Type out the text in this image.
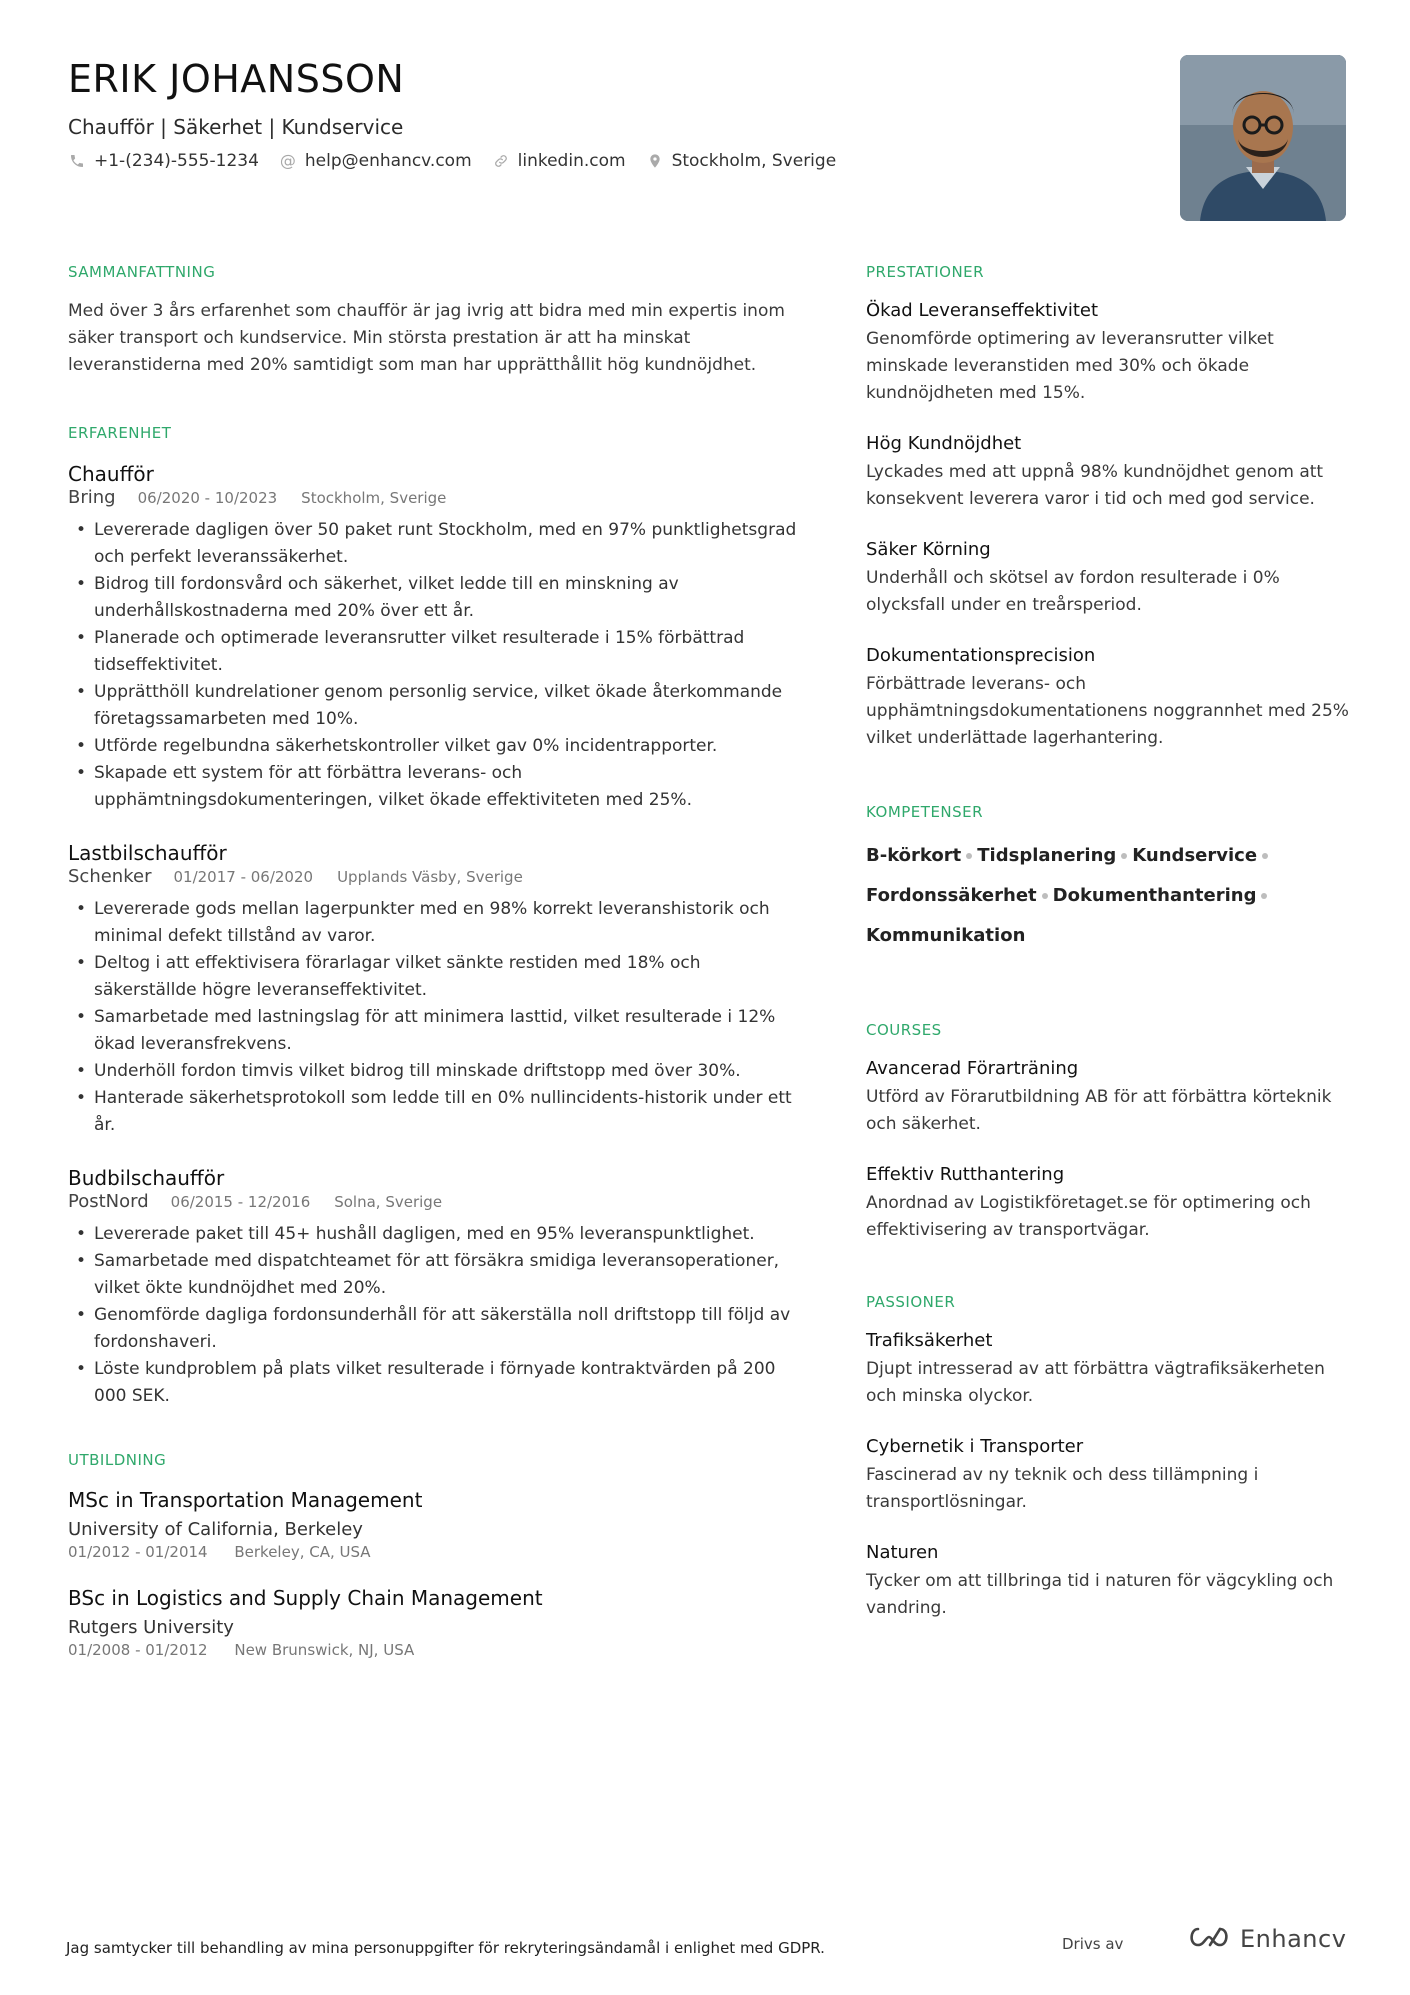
ERIK JOHANSSON
Chaufför | Säkerhet | Kundservice
+1-(234)-555-1234 @ help@enhancv.com	linkedin.com	Stockholm, Sverige
SAMMANFATTNING

Med över 3 års erfarenhet som chaufför är jag ivrig att bidra med min expertis inom säker transport och kundservice. Min största prestation är att ha minskat leveranstiderna med 20% samtidigt som man har upprätthållit hög kundnöjdhet.

ERFARENHET
Chaufför
Bring 06/2020 - 10/2023 Stockholm, Sverige
• Levererade dagligen över 50 paket runt Stockholm, med en 97% punktlighetsgrad och perfekt leveranssäkerhet.
• Bidrog till fordonsvård och säkerhet, vilket ledde till en minskning av underhållskostnaderna med 20% över ett år.
• Planerade och optimerade leveransrutter vilket resulterade i 15% förbättrad tidseffektivitet.
• Upprätthöll kundrelationer genom personlig service, vilket ökade återkommande företagssamarbeten med 10%.
• Utförde regelbundna säkerhetskontroller vilket gav 0% incidentrapporter.
• Skapade ett system för att förbättra leverans- och upphämtningsdokumenteringen, vilket ökade effektiviteten med 25%.
Lastbilschaufför
Schenker 01/2017 - 06/2020 Upplands Väsby, Sverige
• Levererade gods mellan lagerpunkter med en 98% korrekt leveranshistorik och minimal defekt tillstånd av varor.
• Deltog i att effektivisera förarlagar vilket sänkte restiden med 18% och säkerställde högre leveranseffektivitet.
• Samarbetade med lastningslag för att minimera lasttid, vilket resulterade i 12% ökad leveransfrekvens.
• Underhöll fordon timvis vilket bidrog till minskade driftstopp med över 30%.
• Hanterade säkerhetsprotokoll som ledde till en 0% nullincidents-historik under ett år.
Budbilschaufför
PostNord 06/2015 - 12/2016 Solna, Sverige
• Levererade paket till 45+ hushåll dagligen, med en 95% leveranspunktlighet.
• Samarbetade med dispatchteamet för att försäkra smidiga leveransoperationer, vilket ökte kundnöjdhet med 20%.
• Genomförde dagliga fordonsunderhåll för att säkerställa noll driftstopp till följd av fordonshaveri.
• Löste kundproblem på plats vilket resulterade i förnyade kontraktvärden på 200 000 SEK.
UTBILDNING
MSc in Transportation Management
University of California, Berkeley
01/2012 - 01/2014 Berkeley, CA, USA
BSc in Logistics and Supply Chain Management
Rutgers University
01/2008 - 01/2012 New Brunswick, NJ, USA
PRESTATIONER
Ökad Leveranseffektivitet
Genomförde optimering av leveransrutter vilket minskade leveranstiden med 30% och ökade kundnöjdheten med 15%.
Hög Kundnöjdhet
Lyckades med att uppnå 98% kundnöjdhet genom att konsekvent leverera varor i tid och med god service.
Säker Körning
Underhåll och skötsel av fordon resulterade i 0% olycksfall under en treårsperiod.
Dokumentationsprecision
Förbättrade leverans- och upphämtningsdokumentationens noggrannhet med 25% vilket underlättade lagerhantering.
KOMPETENSER
B-körkort Tidsplanering Kundservice
Fordonssäkerhet Dokumenthantering
Kommunikation
COURSES
Avancerad Förarträning
Utförd av Förarutbildning AB för att förbättra körteknik och säkerhet.
Effektiv Rutthantering
Anordnad av Logistikföretaget.se för optimering och effektivisering av transportvägar.
PASSIONER
Trafiksäkerhet
Djupt intresserad av att förbättra vägtrafiksäkerheten och minska olyckor.
Cybernetik i Transporter
Fascinerad av ny teknik och dess tillämpning i transportlösningar.
Naturen
Tycker om att tillbringa tid i naturen för vägcykling och vandring.
Jag samtycker till behandling av mina personuppgifter för rekryteringsändamål i enlighet med GDPR.	Drivs av	Enhancv
